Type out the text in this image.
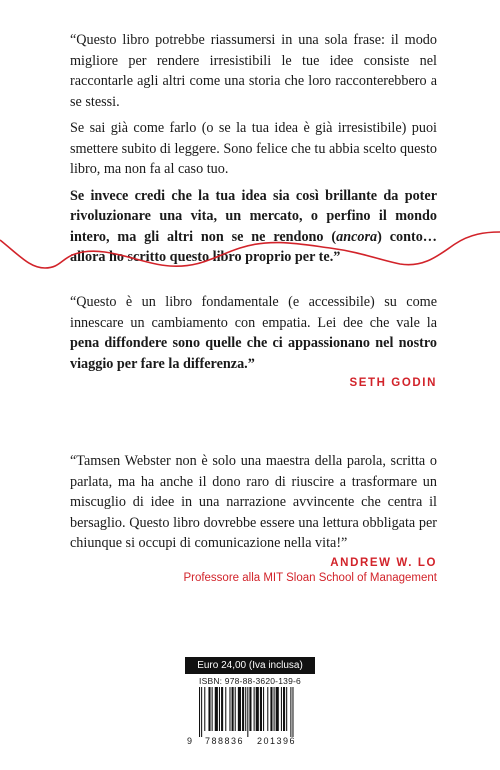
“Questo libro potrebbe riassumersi in una sola frase: il modo migliore per rendere irresistibili le tue idee consiste nel raccontarle agli altri come una storia che loro racconterebbero a se stessi.

Se sai già come farlo (o se la tua idea è già irresistibile) puoi smettere subito di leggere. Sono felice che tu abbia scelto questo libro, ma non fa al caso tuo.

Se invece credi che la tua idea sia così brillante da poter rivoluzionare una vita, un mercato, o perfino il mondo intero, ma gli altri non se ne rendono (ancora) conto… allora ho scritto questo libro proprio per te.”

“Questo è un libro fondamentale (e accessibile) su come innescare un cambiamento con empatia. Lei dee che vale la pena diffondere sono quelle che ci appassionano nel nostro viaggio per fare la differenza.”

SETH GODIN

“Tamsen Webster non è solo una maestra della parola, scritta o parlata, ma ha anche il dono raro di riuscire a trasformare un miscuglio di idee in una narrazione avvincente che centra il bersaglio. Questo libro dovrebbe essere una lettura obbligata per chiunque si occupi di comunicazione nella vita!”

ANDREW W. LO
Professore alla MIT Sloan School of Management
Euro 24,00 (Iva inclusa)
ISBN: 978-88-3620-139-6
9 788836 201396
